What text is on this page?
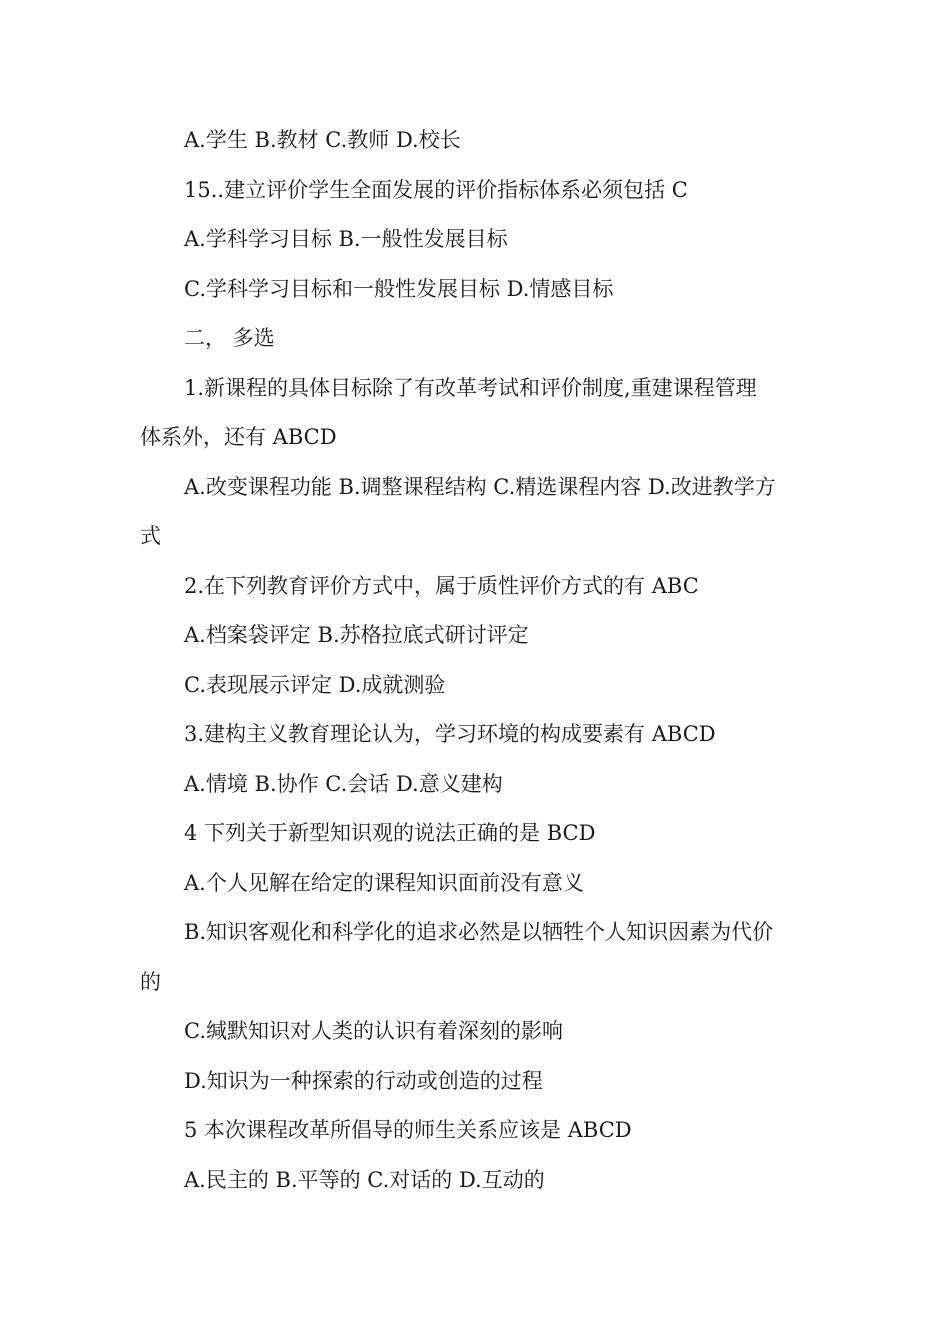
A.学生 B.教材 C.教师 D.校长
15..建立评价学生全面发展的评价指标体系必须包括 C
A.学科学习目标 B.一般性发展目标
C.学科学习目标和一般性发展目标 D.情感目标
二， 多选
1.新课程的具体目标除了有改革考试和评价制度,重建课程管理
体系外，还有 ABCD
A.改变课程功能 B.调整课程结构 C.精选课程内容 D.改进教学方
式
2.在下列教育评价方式中，属于质性评价方式的有 ABC
A.档案袋评定 B.苏格拉底式研讨评定
C.表现展示评定 D.成就测验
3.建构主义教育理论认为，学习环境的构成要素有 ABCD
A.情境 B.协作 C.会话 D.意义建构
4 下列关于新型知识观的说法正确的是 BCD
A.个人见解在给定的课程知识面前没有意义
B.知识客观化和科学化的追求必然是以牺牲个人知识因素为代价
的
C.缄默知识对人类的认识有着深刻的影响
D.知识为一种探索的行动或创造的过程
5 本次课程改革所倡导的师生关系应该是 ABCD
A.民主的 B.平等的 C.对话的 D.互动的
